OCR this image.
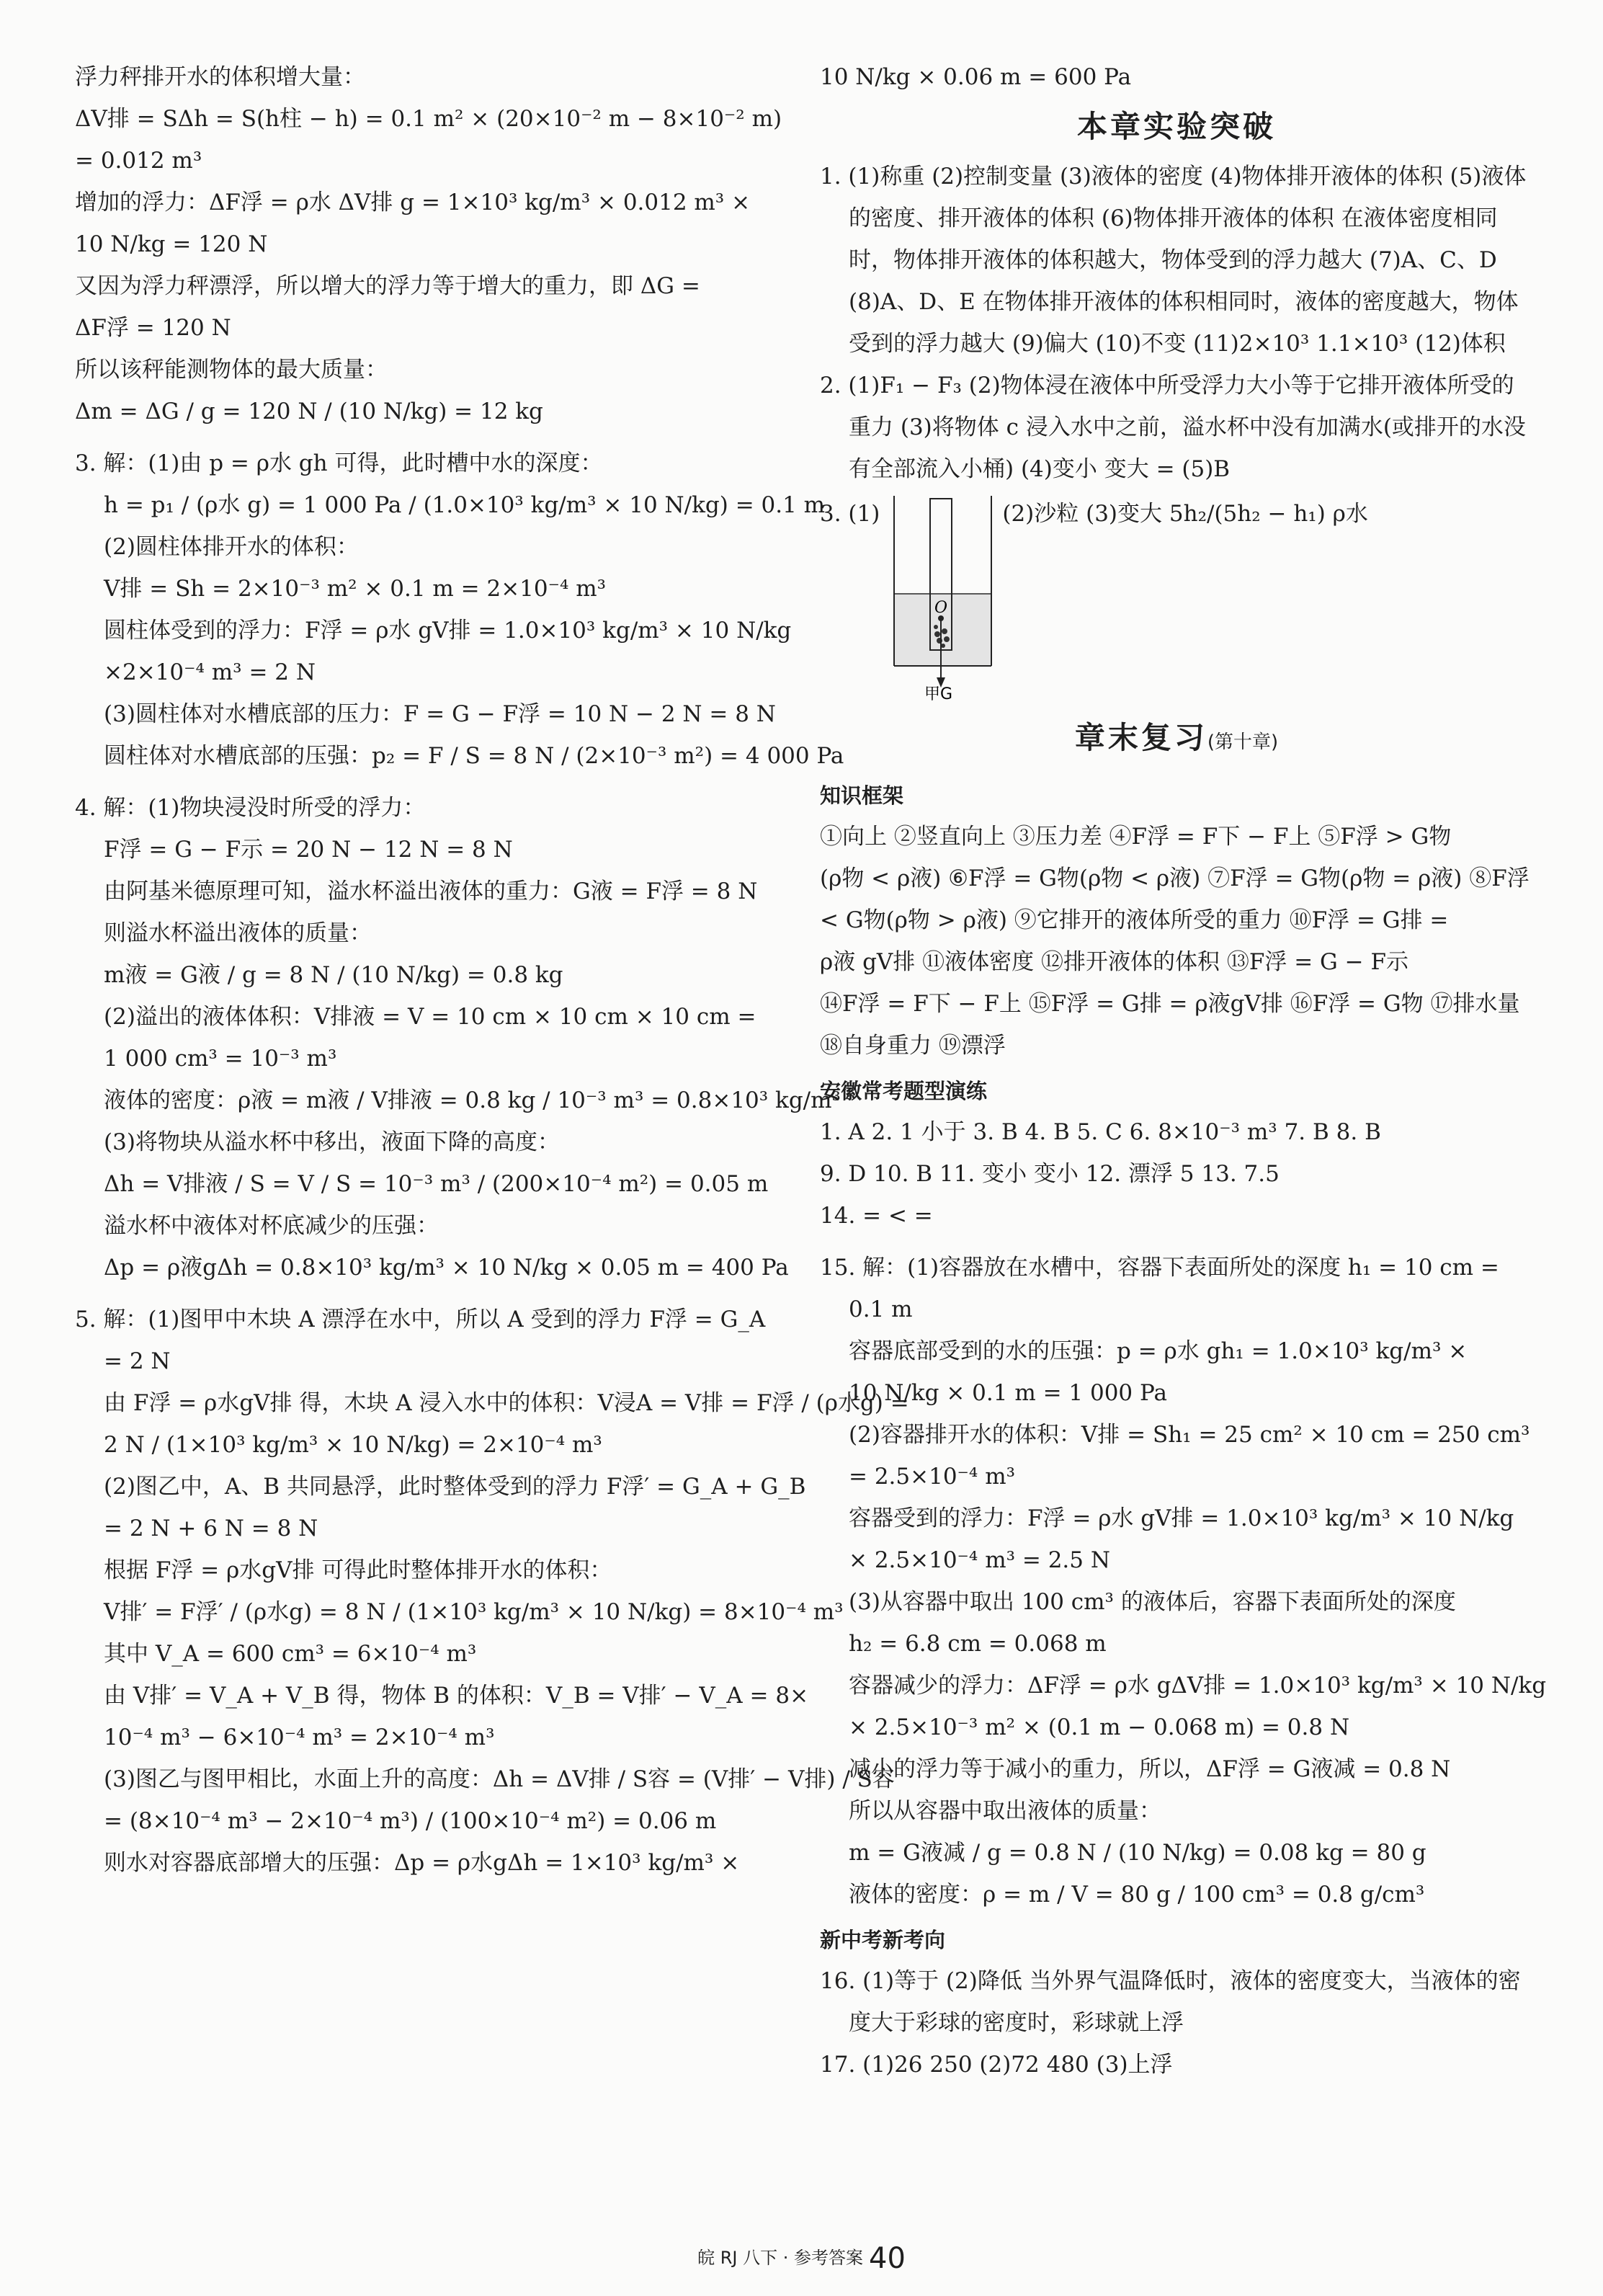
浮力秤排开水的体积增大量：
ΔV排 = SΔh = S(h柱 − h) = 0.1 m² × (20×10⁻² m − 8×10⁻² m)
= 0.012 m³
增加的浮力：ΔF浮 = ρ水 ΔV排 g = 1×10³ kg/m³ × 0.012 m³ ×
10 N/kg = 120 N
又因为浮力秤漂浮，所以增大的浮力等于增大的重力，即 ΔG =
ΔF浮 = 120 N
所以该秤能测物体的最大质量：
Δm = ΔG / g = 120 N / (10 N/kg) = 12 kg
3. 解：(1)由 p = ρ水 gh 可得，此时槽中水的深度：
h = p₁ / (ρ水 g) = 1 000 Pa / (1.0×10³ kg/m³ × 10 N/kg) = 0.1 m
(2)圆柱体排开水的体积：
V排 = Sh = 2×10⁻³ m² × 0.1 m = 2×10⁻⁴ m³
圆柱体受到的浮力：F浮 = ρ水 gV排 = 1.0×10³ kg/m³ × 10 N/kg
×2×10⁻⁴ m³ = 2 N
(3)圆柱体对水槽底部的压力：F = G − F浮 = 10 N − 2 N = 8 N
圆柱体对水槽底部的压强：p₂ = F / S = 8 N / (2×10⁻³ m²) = 4 000 Pa
4. 解：(1)物块浸没时所受的浮力：
F浮 = G − F示 = 20 N − 12 N = 8 N
由阿基米德原理可知，溢水杯溢出液体的重力：G液 = F浮 = 8 N
则溢水杯溢出液体的质量：
m液 = G液 / g = 8 N / (10 N/kg) = 0.8 kg
(2)溢出的液体体积：V排液 = V = 10 cm × 10 cm × 10 cm =
1 000 cm³ = 10⁻³ m³
液体的密度：ρ液 = m液 / V排液 = 0.8 kg / 10⁻³ m³ = 0.8×10³ kg/m³
(3)将物块从溢水杯中移出，液面下降的高度：
Δh = V排液 / S = V / S = 10⁻³ m³ / (200×10⁻⁴ m²) = 0.05 m
溢水杯中液体对杯底减少的压强：
Δp = ρ液gΔh = 0.8×10³ kg/m³ × 10 N/kg × 0.05 m = 400 Pa
5. 解：(1)图甲中木块 A 漂浮在水中，所以 A 受到的浮力 F浮 = G_A
= 2 N
由 F浮 = ρ水gV排 得，木块 A 浸入水中的体积：V浸A = V排 = F浮 / (ρ水g) =
2 N / (1×10³ kg/m³ × 10 N/kg) = 2×10⁻⁴ m³
(2)图乙中，A、B 共同悬浮，此时整体受到的浮力 F浮′ = G_A + G_B
= 2 N + 6 N = 8 N
根据 F浮 = ρ水gV排 可得此时整体排开水的体积：
V排′ = F浮′ / (ρ水g) = 8 N / (1×10³ kg/m³ × 10 N/kg) = 8×10⁻⁴ m³
其中 V_A = 600 cm³ = 6×10⁻⁴ m³
由 V排′ = V_A + V_B 得，物体 B 的体积：V_B = V排′ − V_A = 8×
10⁻⁴ m³ − 6×10⁻⁴ m³ = 2×10⁻⁴ m³
(3)图乙与图甲相比，水面上升的高度：Δh = ΔV排 / S容 = (V排′ − V排) / S容
= (8×10⁻⁴ m³ − 2×10⁻⁴ m³) / (100×10⁻⁴ m²) = 0.06 m
则水对容器底部增大的压强：Δp = ρ水gΔh = 1×10³ kg/m³ ×
10 N/kg × 0.06 m = 600 Pa
本章实验突破
1. (1)称重 (2)控制变量 (3)液体的密度 (4)物体排开液体的体积 (5)液体的密度、排开液体的体积 (6)物体排开液体的体积 在液体密度相同时，物体排开液体的体积越大，物体受到的浮力越大 (7)A、C、D (8)A、D、E 在物体排开液体的体积相同时，液体的密度越大，物体受到的浮力越大 (9)偏大 (10)不变 (11)2×10³ 1.1×10³ (12)体积
2. (1)F₁ − F₃ (2)物体浸在液体中所受浮力大小等于它排开液体所受的重力 (3)将物体 c 浸入水中之前，溢水杯中没有加满水(或排开的水没有全部流入小桶) (4)变小 变大 = (5)B
3. (1)
O
甲G
(2)沙粒 (3)变大 5h₂/(5h₂ − h₁) ρ水
章末复习(第十章)
知识框架
①向上 ②竖直向上 ③压力差 ④F浮 = F下 − F上 ⑤F浮 > G物
(ρ物 < ρ液) ⑥F浮 = G物(ρ物 < ρ液) ⑦F浮 = G物(ρ物 = ρ液) ⑧F浮
< G物(ρ物 > ρ液) ⑨它排开的液体所受的重力 ⑩F浮 = G排 =
ρ液 gV排 ⑪液体密度 ⑫排开液体的体积 ⑬F浮 = G − F示
⑭F浮 = F下 − F上 ⑮F浮 = G排 = ρ液gV排 ⑯F浮 = G物 ⑰排水量
⑱自身重力 ⑲漂浮
安徽常考题型演练
1. A 2. 1 小于 3. B 4. B 5. C 6. 8×10⁻³ m³ 7. B 8. B
9. D 10. B 11. 变小 变小 12. 漂浮 5 13. 7.5
14. = < =
15. 解：(1)容器放在水槽中，容器下表面所处的深度 h₁ = 10 cm =
0.1 m
容器底部受到的水的压强：p = ρ水 gh₁ = 1.0×10³ kg/m³ ×
10 N/kg × 0.1 m = 1 000 Pa
(2)容器排开水的体积：V排 = Sh₁ = 25 cm² × 10 cm = 250 cm³
= 2.5×10⁻⁴ m³
容器受到的浮力：F浮 = ρ水 gV排 = 1.0×10³ kg/m³ × 10 N/kg
× 2.5×10⁻⁴ m³ = 2.5 N
(3)从容器中取出 100 cm³ 的液体后，容器下表面所处的深度
h₂ = 6.8 cm = 0.068 m
容器减少的浮力：ΔF浮 = ρ水 gΔV排 = 1.0×10³ kg/m³ × 10 N/kg
× 2.5×10⁻³ m² × (0.1 m − 0.068 m) = 0.8 N
减小的浮力等于减小的重力，所以，ΔF浮 = G液减 = 0.8 N
所以从容器中取出液体的质量：
m = G液减 / g = 0.8 N / (10 N/kg) = 0.08 kg = 80 g
液体的密度：ρ = m / V = 80 g / 100 cm³ = 0.8 g/cm³
新中考新考向
16. (1)等于 (2)降低 当外界气温降低时，液体的密度变大，当液体的密度大于彩球的密度时，彩球就上浮
17. (1)26 250 (2)72 480 (3)上浮
皖 RJ 八下 · 参考答案 40
